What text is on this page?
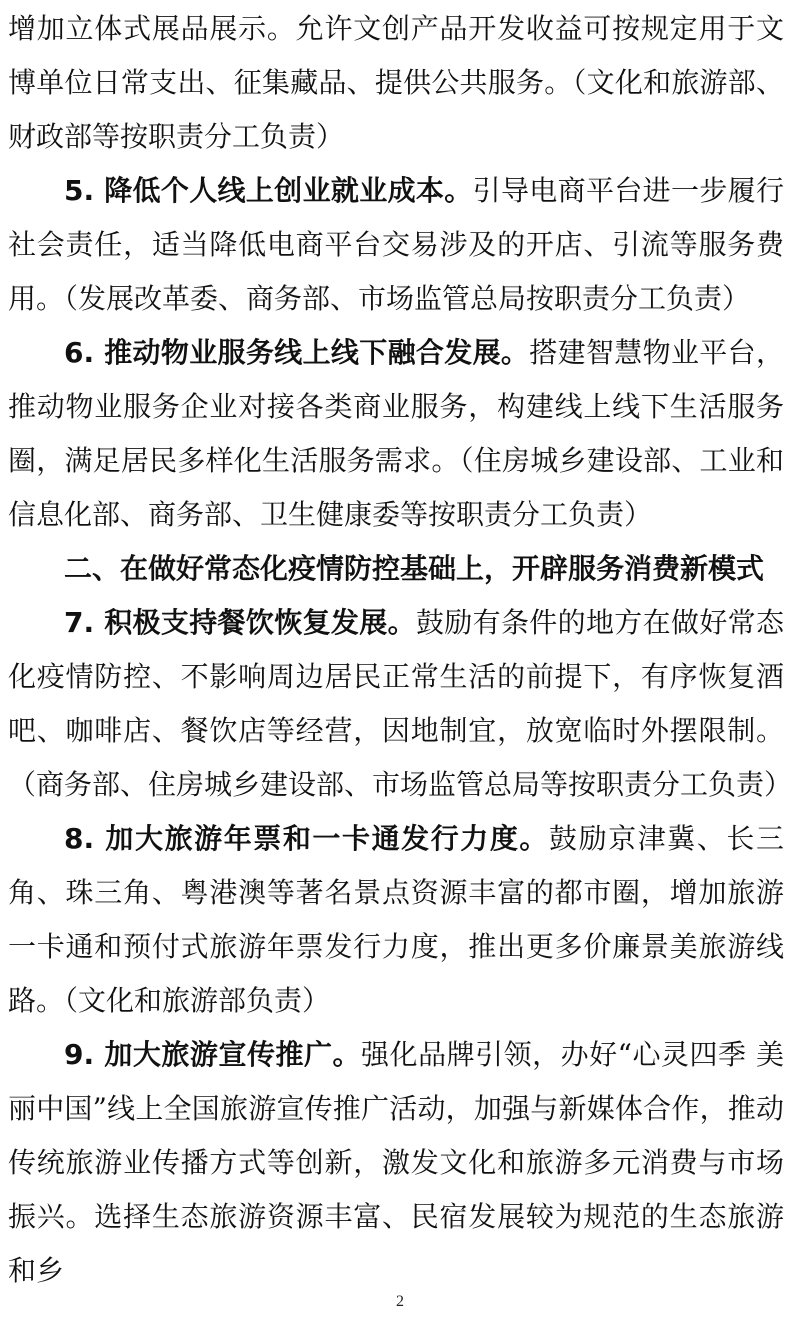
增加立体式展品展示。允许文创产品开发收益可按规定用于文博单位日常支出、征集藏品、提供公共服务。（文化和旅游部、财政部等按职责分工负责）

5. 降低个人线上创业就业成本。引导电商平台进一步履行社会责任，适当降低电商平台交易涉及的开店、引流等服务费用。（发展改革委、商务部、市场监管总局按职责分工负责）

6. 推动物业服务线上线下融合发展。搭建智慧物业平台，推动物业服务企业对接各类商业服务，构建线上线下生活服务圈，满足居民多样化生活服务需求。（住房城乡建设部、工业和信息化部、商务部、卫生健康委等按职责分工负责）

二、在做好常态化疫情防控基础上，开辟服务消费新模式

7. 积极支持餐饮恢复发展。鼓励有条件的地方在做好常态化疫情防控、不影响周边居民正常生活的前提下，有序恢复酒吧、咖啡店、餐饮店等经营，因地制宜，放宽临时外摆限制。（商务部、住房城乡建设部、市场监管总局等按职责分工负责）

8. 加大旅游年票和一卡通发行力度。鼓励京津冀、长三角、珠三角、粤港澳等著名景点资源丰富的都市圈，增加旅游一卡通和预付式旅游年票发行力度，推出更多价廉景美旅游线路。（文化和旅游部负责）

9. 加大旅游宣传推广。强化品牌引领，办好“心灵四季 美丽中国”线上全国旅游宣传推广活动，加强与新媒体合作，推动传统旅游业传播方式等创新，激发文化和旅游多元消费与市场振兴。选择生态旅游资源丰富、民宿发展较为规范的生态旅游和乡

2
